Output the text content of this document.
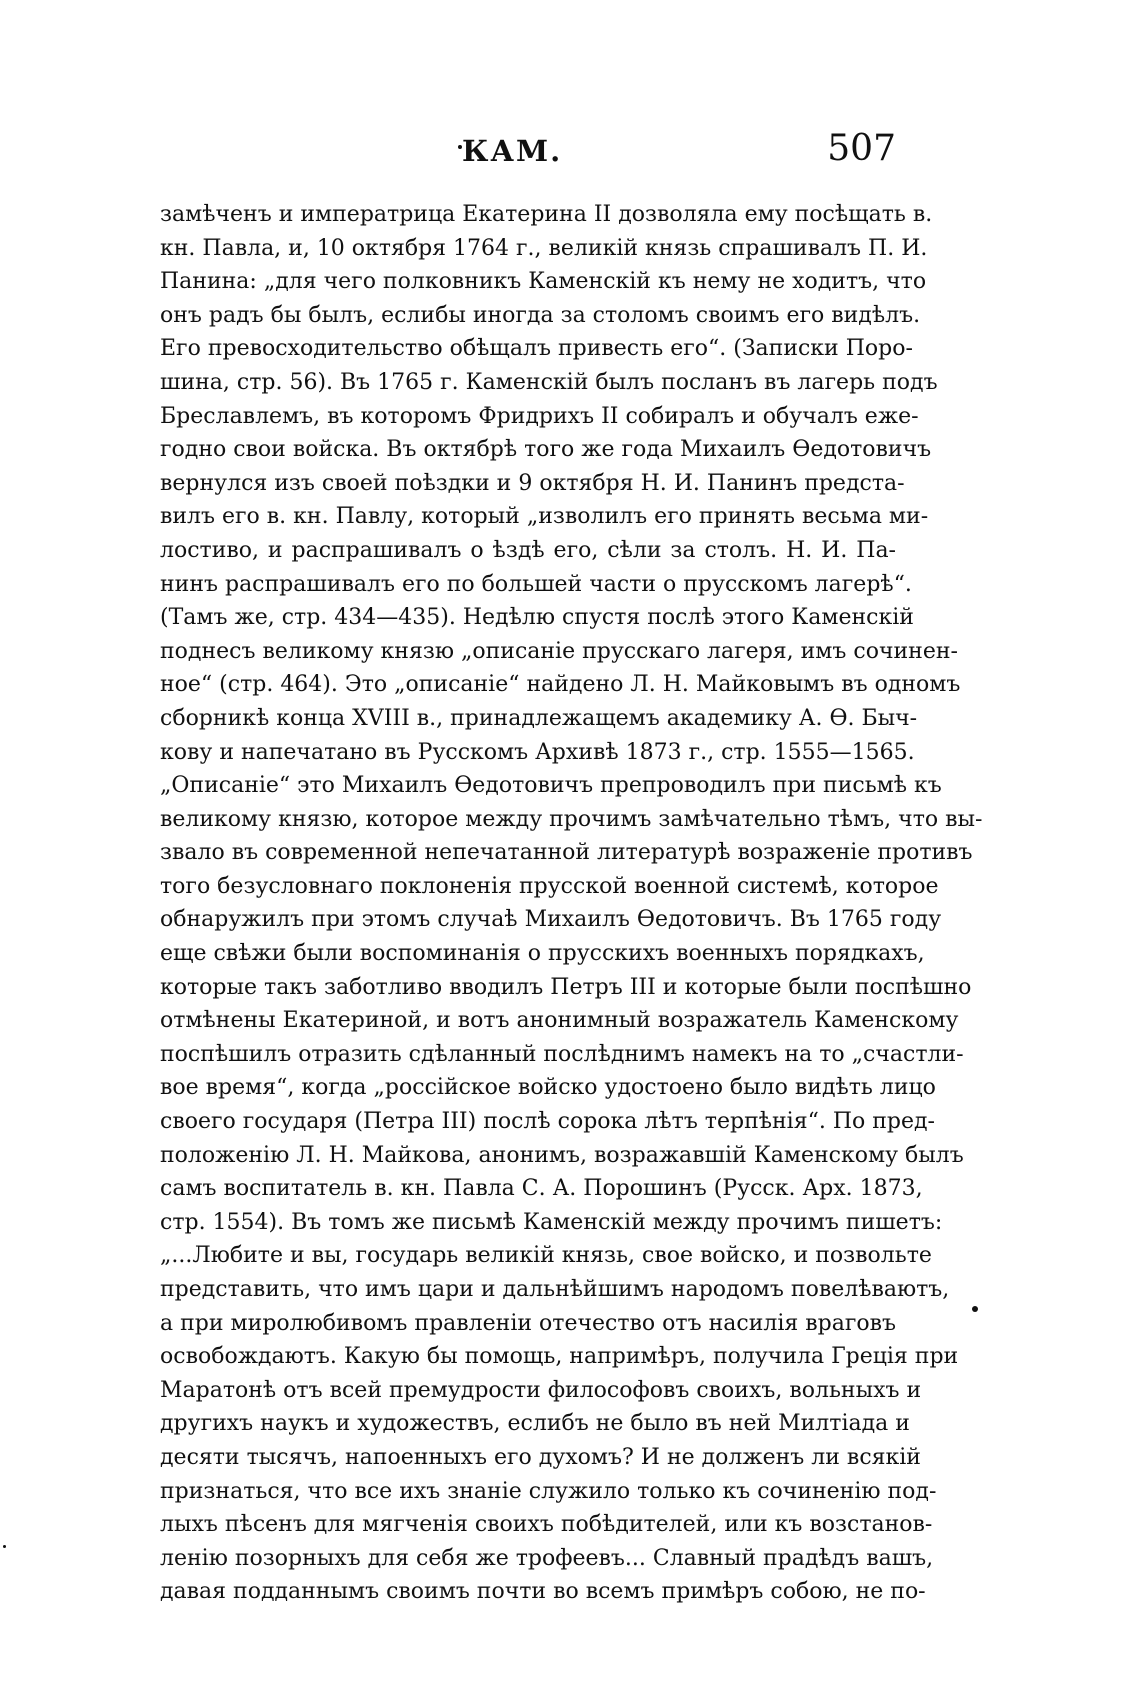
КАМ.	507
замѣченъ и императрица Екатерина II дозволяла ему посѣщать в.
кн. Павла, и, 10 октября 1764 г., великій князь спрашивалъ П. И.
Панина: „для чего полковникъ Каменскій къ нему не ходитъ, что
онъ радъ бы былъ, еслибы иногда за столомъ своимъ его видѣлъ.
Его превосходительство обѣщалъ привесть его“. (Записки Поро-
шина, стр. 56). Въ 1765 г. Каменскій былъ посланъ въ лагерь подъ
Бреславлемъ, въ которомъ Фридрихъ II собиралъ и обучалъ еже-
годно свои войска. Въ октябрѣ того же года Михаилъ Ѳедотовичъ
вернулся изъ своей поѣздки и 9 октября Н. И. Панинъ предста-
вилъ его в. кн. Павлу, который „изволилъ его принять весьма ми-
лостиво, и распрашивалъ о ѣздѣ его, сѣли за столъ. Н. И. Па-
нинъ распрашивалъ его по большей части о прусскомъ лагерѣ“.
(Тамъ же, стр. 434—435). Недѣлю спустя послѣ этого Каменскій
поднесъ великому князю „описаніе прусскаго лагеря, имъ сочинен-
ное“ (стр. 464). Это „описаніе“ найдено Л. Н. Майковымъ въ одномъ
сборникѣ конца XVIII в., принадлежащемъ академику А. Ѳ. Быч-
кову и напечатано въ Русскомъ Архивѣ 1873 г., стр. 1555—1565.
„Описаніе“ это Михаилъ Ѳедотовичъ препроводилъ при письмѣ къ
великому князю, которое между прочимъ замѣчательно тѣмъ, что вы-
звало въ современной непечатанной литературѣ возраженіе противъ
того безусловнаго поклоненія прусской военной системѣ, которое
обнаружилъ при этомъ случаѣ Михаилъ Ѳедотовичъ. Въ 1765 году
еще свѣжи были воспоминанія о прусскихъ военныхъ порядкахъ,
которые такъ заботливо вводилъ Петръ III и которые были поспѣшно
отмѣнены Екатериной, и вотъ анонимный возражатель Каменскому
поспѣшилъ отразить сдѣланный послѣднимъ намекъ на то „счастли-
вое время“, когда „россійское войско удостоено было видѣть лицо
своего государя (Петра III) послѣ сорока лѣтъ терпѣнія“. По пред-
положенію Л. Н. Майкова, анонимъ, возражавшій Каменскому былъ
самъ воспитатель в. кн. Павла С. А. Порошинъ (Русск. Арх. 1873,
стр. 1554). Въ томъ же письмѣ Каменскій между прочимъ пишетъ:
„...Любите и вы, государь великій князь, свое войско, и позвольте
представить, что имъ цари и дальнѣйшимъ народомъ повелѣваютъ,
а при миролюбивомъ правленіи отечество отъ насилія враговъ
освобождаютъ. Какую бы помощь, напримѣръ, получила Греція при
Маратонѣ отъ всей премудрости философовъ своихъ, вольныхъ и
другихъ наукъ и художествъ, еслибъ не было въ ней Милтіада и
десяти тысячъ, напоенныхъ его духомъ? И не долженъ ли всякій
признаться, что все ихъ знаніе служило только къ сочиненію под-
лыхъ пѣсенъ для мягченія своихъ побѣдителей, или къ возстанов-
ленію позорныхъ для себя же трофеевъ... Славный прадѣдъ вашъ,
давая подданнымъ своимъ почти во всемъ примѣръ собою, не по-
